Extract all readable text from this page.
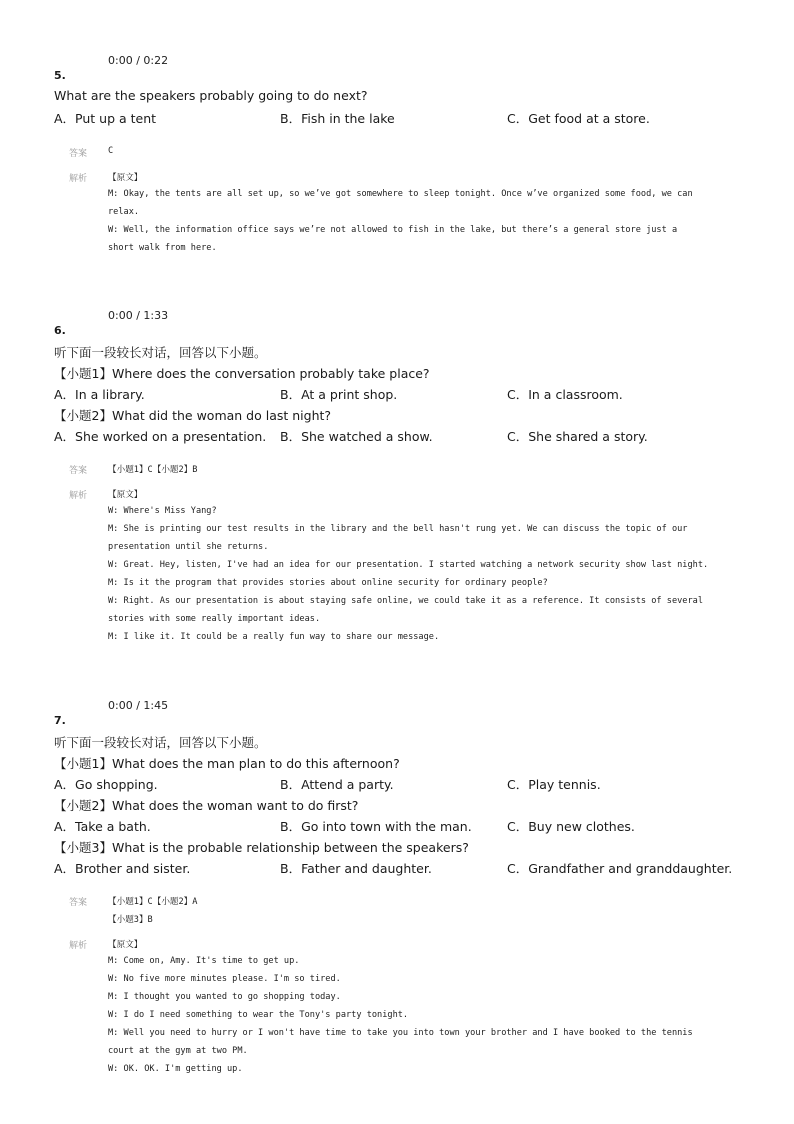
0:00 / 0:22
5.
What are the speakers probably going to do next?
A．Put up a tent	B．Fish in the lake	C．Get food at a store.
答案 C
解析 【原文】
M: Okay, the tents are all set up, so we’ve got somewhere to sleep tonight. Once w’ve organized some food, we can
relax.
W: Well, the information office says we’re not allowed to fish in the lake, but there’s a general store just a
short walk from here.
0:00 / 1:33
6.
听下面一段较长对话，回答以下小题。
【小题1】Where does the conversation probably take place?
A．In a library.	B．At a print shop.	C．In a classroom.
【小题2】What did the woman do last night?
A．She worked on a presentation. B．She watched a show.	C．She shared a story.
答案 【小题1】C【小题2】B
解析 【原文】
W: Where's Miss Yang?
M: She is printing our test results in the library and the bell hasn't rung yet. We can discuss the topic of our
presentation until she returns.
W: Great. Hey, listen, I've had an idea for our presentation. I started watching a network security show last night.
M: Is it the program that provides stories about online security for ordinary people?
W: Right. As our presentation is about staying safe online, we could take it as a reference. It consists of several
stories with some really important ideas.
M: I like it. It could be a really fun way to share our message.
0:00 / 1:45
7.
听下面一段较长对话，回答以下小题。
【小题1】What does the man plan to do this afternoon?
A．Go shopping.	B．Attend a party.	C．Play tennis.
【小题2】What does the woman want to do first?
A．Take a bath.	B．Go into town with the man.	C．Buy new clothes.
【小题3】What is the probable relationship between the speakers?
A．Brother and sister.	B．Father and daughter.	C．Grandfather and granddaughter.
答案 【小题1】C【小题2】A
【小题3】B
解析 【原文】
M: Come on, Amy. It's time to get up.
W: No five more minutes please. I'm so tired.
M: I thought you wanted to go shopping today.
W: I do I need something to wear the Tony's party tonight.
M: Well you need to hurry or I won't have time to take you into town your brother and I have booked to the tennis
court at the gym at two PM.
W: OK. OK. I'm getting up.
